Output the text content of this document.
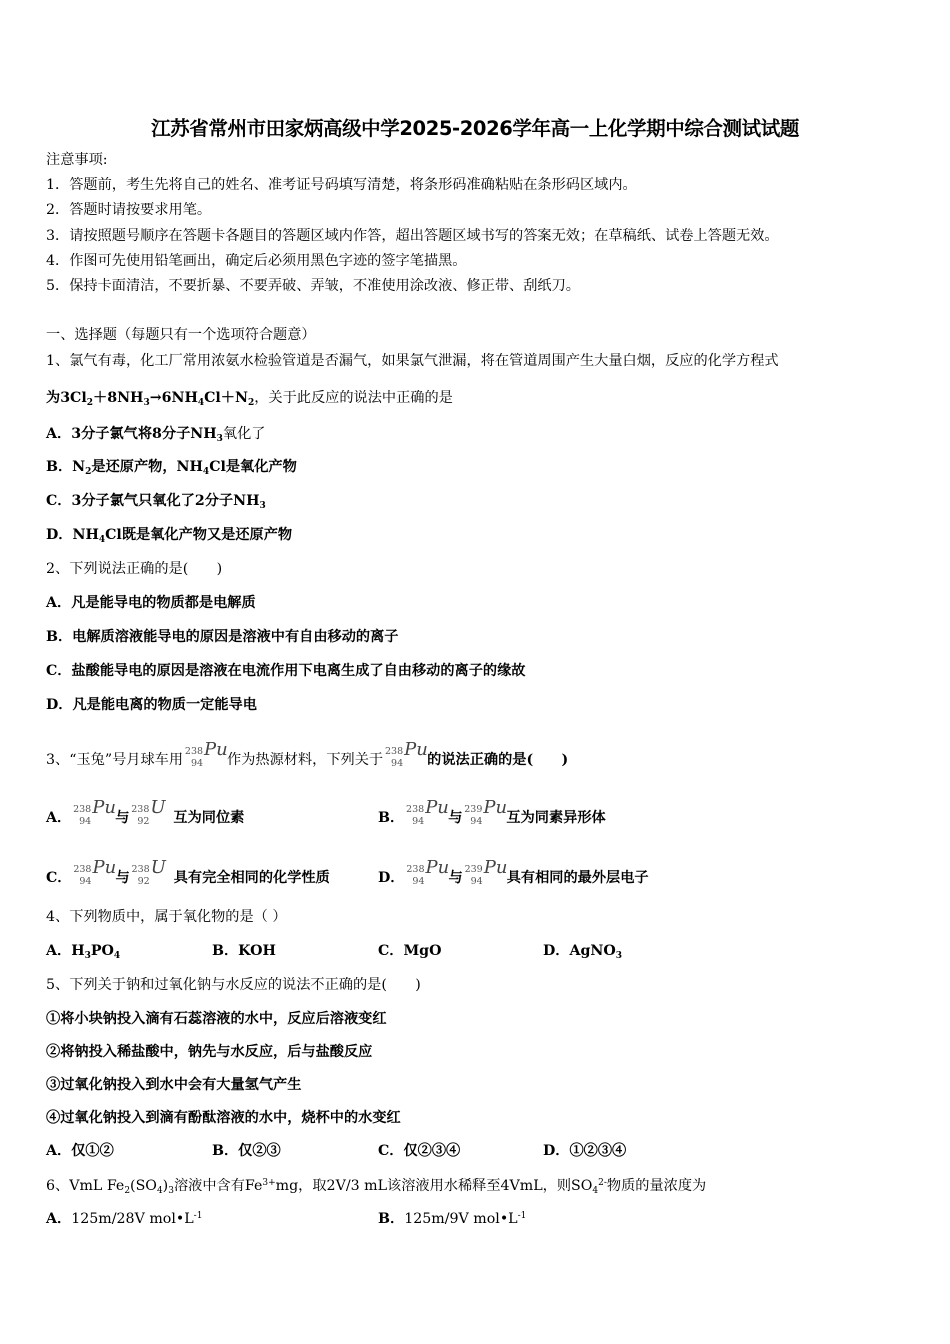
江苏省常州市田家炳高级中学2025-2026学年高一上化学期中综合测试试题
注意事项:
1．答题前，考生先将自己的姓名、准考证号码填写清楚，将条形码准确粘贴在条形码区域内。
2．答题时请按要求用笔。
3．请按照题号顺序在答题卡各题目的答题区域内作答，超出答题区域书写的答案无效；在草稿纸、试卷上答题无效。
4．作图可先使用铅笔画出，确定后必须用黑色字迹的签字笔描黑。
5．保持卡面清洁，不要折暴、不要弄破、弄皱，不准使用涂改液、修正带、刮纸刀。
一、选择题（每题只有一个选项符合题意）
1、氯气有毒，化工厂常用浓氨水检验管道是否漏气，如果氯气泄漏，将在管道周围产生大量白烟，反应的化学方程式
为$3Cl_2+8NH_3\to 6NH_4Cl+N_2$，关于此反应的说法中正确的是
A．3分子氯气将8分子$NH_3$氧化了
B．$N_2$是还原产物，$NH_4Cl$是氧化产物
C．3分子氯气只氧化了2分子$NH_3$
D．$NH_4Cl$既是氧化产物又是还原产物
2、下列说法正确的是(　　)
A．凡是能导电的物质都是电解质
B．电解质溶液能导电的原因是溶液中有自由移动的离子
C．盐酸能导电的原因是溶液在电流作用下电离生成了自由移动的离子的缘故
D．凡是能电离的物质一定能导电
3、“玉兔”号月球车用
238
94
Pu 作为热源材料，下列关于
238
94
Pu 的说法正确的是(　　)
A．
238
94
Pu 与
238
92
U 互为同位素	B．
238
94
Pu 与
239
94
Pu 互为同素异形体
C．
238
94
Pu 与
238
92
U 具有完全相同的化学性质	D．
238
94
Pu 与
239
94
Pu 具有相同的最外层电子
4、下列物质中，属于氧化物的是（ ）
A．$H_3PO_4$	B．KOH	C．MgO	D．AgNO$_3$
5、下列关于钠和过氧化钠与水反应的说法不正确的是(　　)
①将小块钠投入滴有石蕊溶液的水中，反应后溶液变红
②将钠投入稀盐酸中，钠先与水反应，后与盐酸反应
③过氧化钠投入到水中会有大量氢气产生
④过氧化钠投入到滴有酚酞溶液的水中，烧杯中的水变红
A．仅①②	B．仅②③	C．仅②③④	D．①②③④
6、VmL $Fe_2(SO_4)_3$溶液中含有$Fe^{3+}mg$，取2V/3 mL该溶液用水稀释至4VmL，则$SO_4^{2-}$物质的量浓度为
A．125m/28V $mol•L^{-1}$	B．125m/9V $mol•L^{-1}$
